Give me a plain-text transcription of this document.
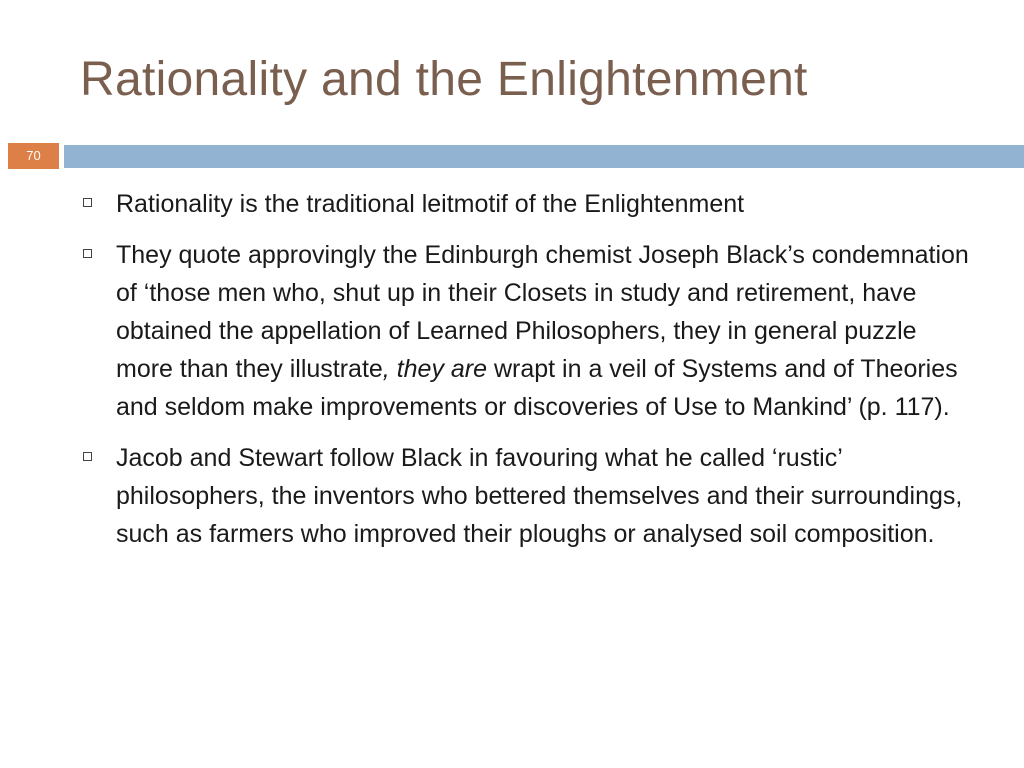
Rationality and the Enlightenment
70
Rationality is the traditional leitmotif of the Enlightenment
They quote approvingly the Edinburgh chemist Joseph Black’s condemnation of ‘those men who, shut up in their Closets in study and retirement, have obtained the appellation of Learned Philosophers, they in general puzzle more than they illustrate, they are wrapt in a veil of Systems and of Theories and seldom make improvements or discoveries of Use to Mankind’ (p. 117).
Jacob and Stewart follow Black in favouring what he called ‘rustic’ philosophers, the inventors who bettered themselves and their surroundings, such as farmers who improved their ploughs or analysed soil composition.
